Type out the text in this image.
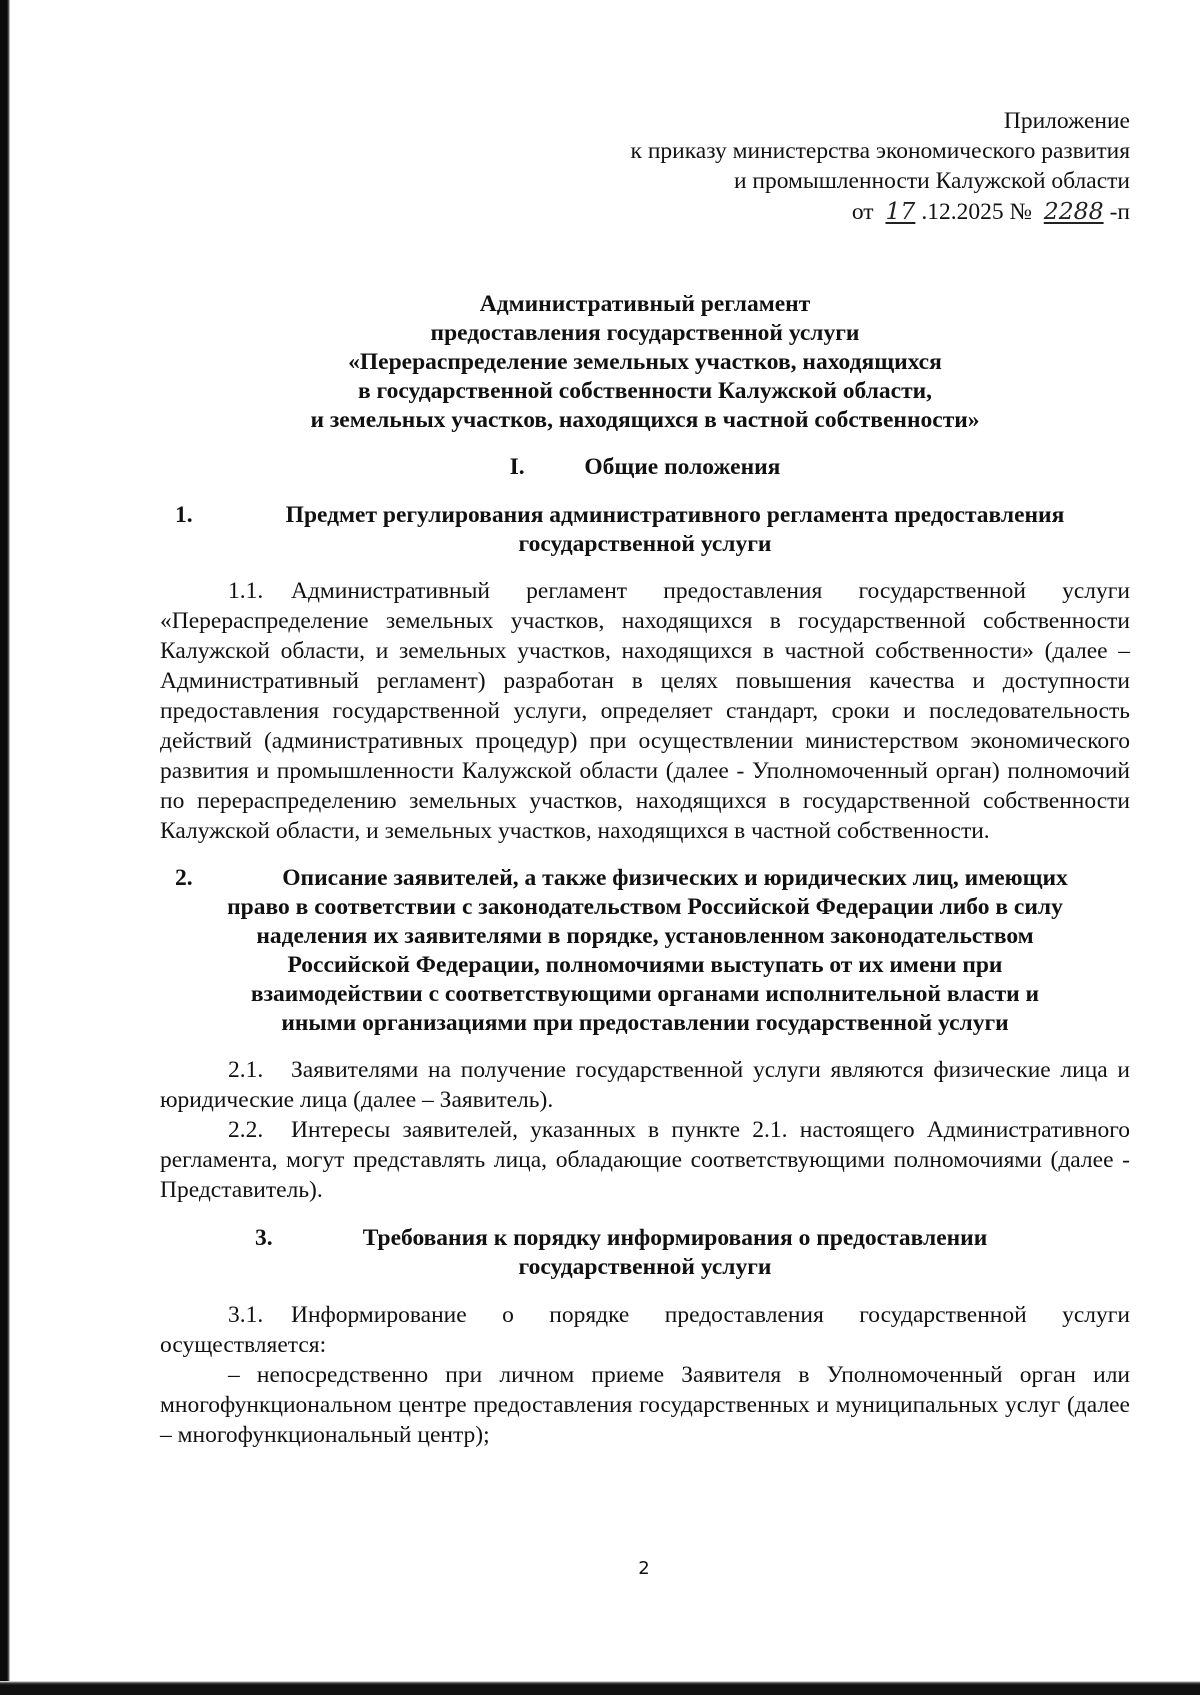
Приложение

к приказу министерства экономического развития

и промышленности Калужской области

от 17 .12.2025 № 2288 -п

Административный регламент

предоставления государственной услуги

«Перераспределение земельных участков, находящихся

в государственной собственности Калужской области,

и земельных участков, находящихся в частной собственности»

I.	Общие положения
1.	Предмет регулирования административного регламента предоставления
государственной услуги

1.1. Административный регламент предоставления государственной услуги «Перераспределение земельных участков, находящихся в государственной собственности Калужской области, и земельных участков, находящихся в частной собственности» (далее – Административный регламент) разработан в целях повышения качества и доступности предоставления государственной услуги, определяет стандарт, сроки и последовательность действий (административных процедур) при осуществлении министерством экономического развития и промышленности Калужской области (далее - Уполномоченный орган) полномочий по перераспределению земельных участков, находящихся в государственной собственности Калужской области, и земельных участков, находящихся в частной собственности.

2.	Описание заявителей, а также физических и юридических лиц, имеющих
право в соответствии с законодательством Российской Федерации либо в силу
наделения их заявителями в порядке, установленном законодательством
Российской Федерации, полномочиями выступать от их имени при
взаимодействии с соответствующими органами исполнительной власти и
иными организациями при предоставлении государственной услуги

2.1. Заявителями на получение государственной услуги являются физические лица и юридические лица (далее – Заявитель).

2.2. Интересы заявителей, указанных в пункте 2.1. настоящего Административного регламента, могут представлять лица, обладающие соответствующими полномочиями (далее - Представитель).

3.	Требования к порядку информирования о предоставлении
государственной услуги

3.1. Информирование о порядке предоставления государственной услуги осуществляется:

– непосредственно при личном приеме Заявителя в Уполномоченный орган или многофункциональном центре предоставления государственных и муниципальных услуг (далее – многофункциональный центр);

2
